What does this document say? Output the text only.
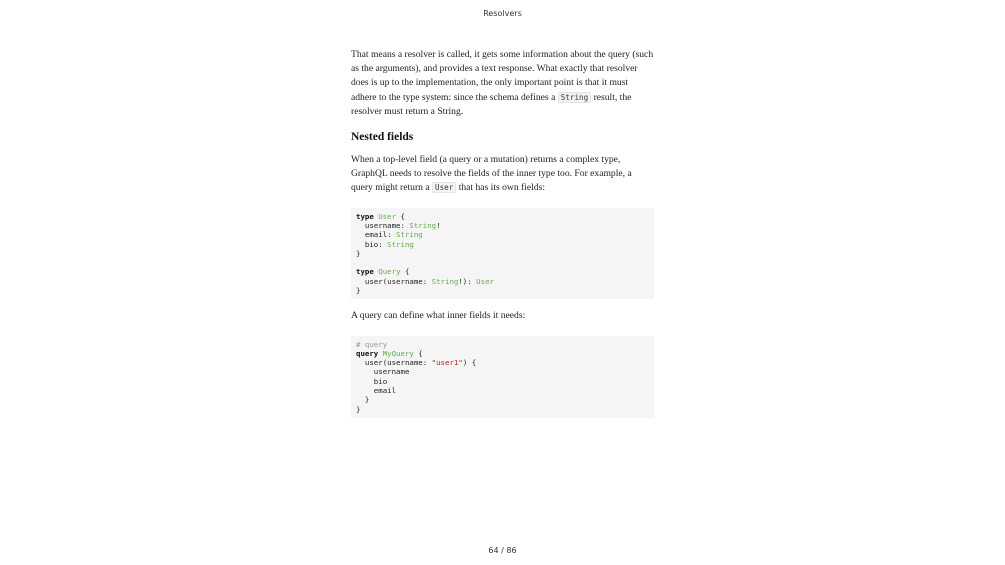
Resolvers

That means a resolver is called, it gets some information about the query (such as the arguments), and provides a text response. What exactly that resolver does is up to the implementation, the only important point is that it must adhere to the type system: since the schema defines a String result, the resolver must return a String.

Nested fields

When a top-level field (a query or a mutation) returns a complex type, GraphQL needs to resolve the fields of the inner type too. For example, a query might return a User that has its own fields:

type User {
username: String!
email: String
bio: String
}

type Query {
user(username: String!): User
}

A query can define what inner fields it needs:

# query
query MyQuery {
user(username: "user1") {
username
bio
email
}
}
64 / 86
